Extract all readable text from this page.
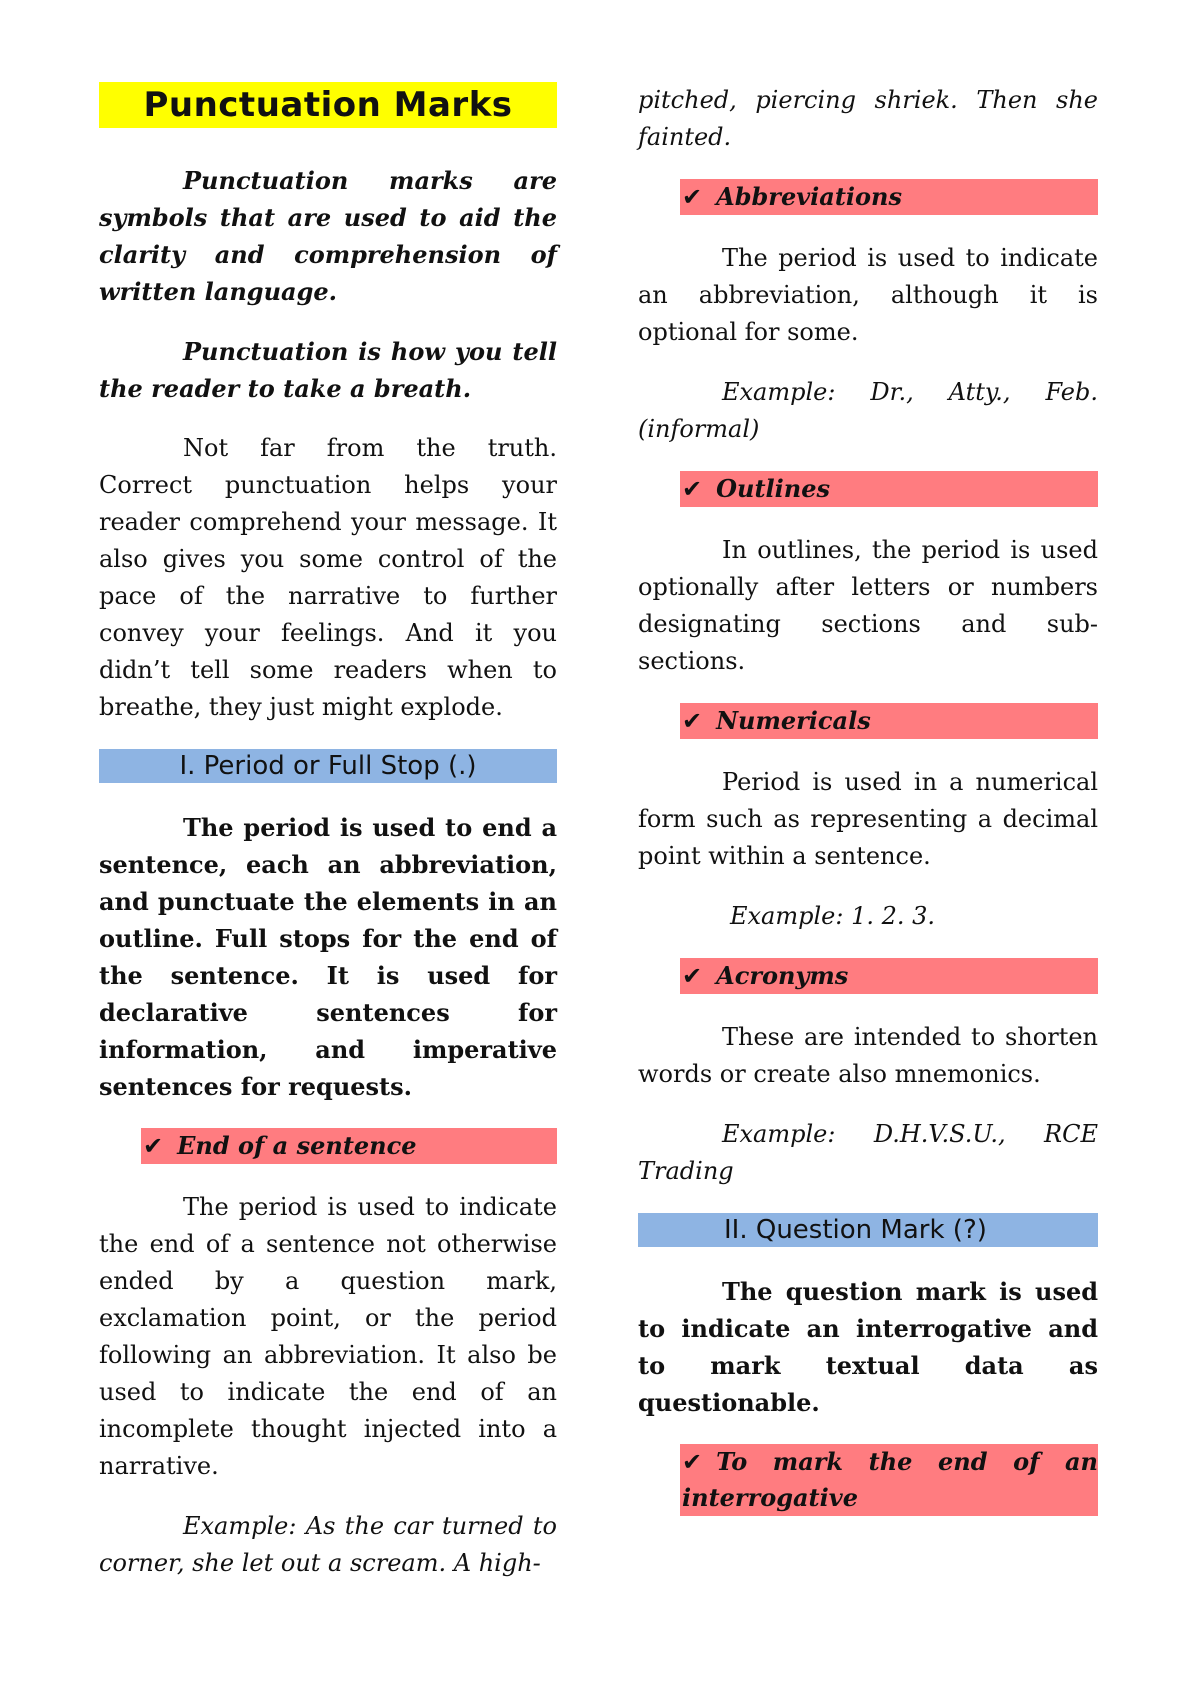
Punctuation Marks

Punctuation marks are symbols that are used to aid the clarity and comprehension of written language.

Punctuation is how you tell the reader to take a breath.

Not far from the truth. Correct punctuation helps your reader comprehend your message. It also gives you some control of the pace of the narrative to further convey your feelings. And it you didn’t tell some readers when to breathe, they just might explode.

I. Period or Full Stop (.)

The period is used to end a sentence, each an abbreviation, and punctuate the elements in an outline. Full stops for the end of the sentence. It is used for declarative sentences for information, and imperative sentences for requests.

✔ End of a sentence

The period is used to indicate the end of a sentence not otherwise ended by a question mark, exclamation point, or the period following an abbreviation. It also be used to indicate the end of an incomplete thought injected into a narrative.

Example: As the car turned to corner, she let out a scream. A high-

pitched, piercing shriek. Then she fainted.

✔ Abbreviations

The period is used to indicate an abbreviation, although it is optional for some.

Example: Dr., Atty., Feb. (informal)

✔ Outlines

In outlines, the period is used optionally after letters or numbers designating sections and sub-sections.

✔ Numericals

Period is used in a numerical form such as representing a decimal point within a sentence.

Example: 1. 2. 3.

✔ Acronyms

These are intended to shorten words or create also mnemonics.

Example: D.H.V.S.U., RCE Trading

II. Question Mark (?)

The question mark is used to indicate an interrogative and to mark textual data as questionable.

✔ To mark the end of an interrogative
